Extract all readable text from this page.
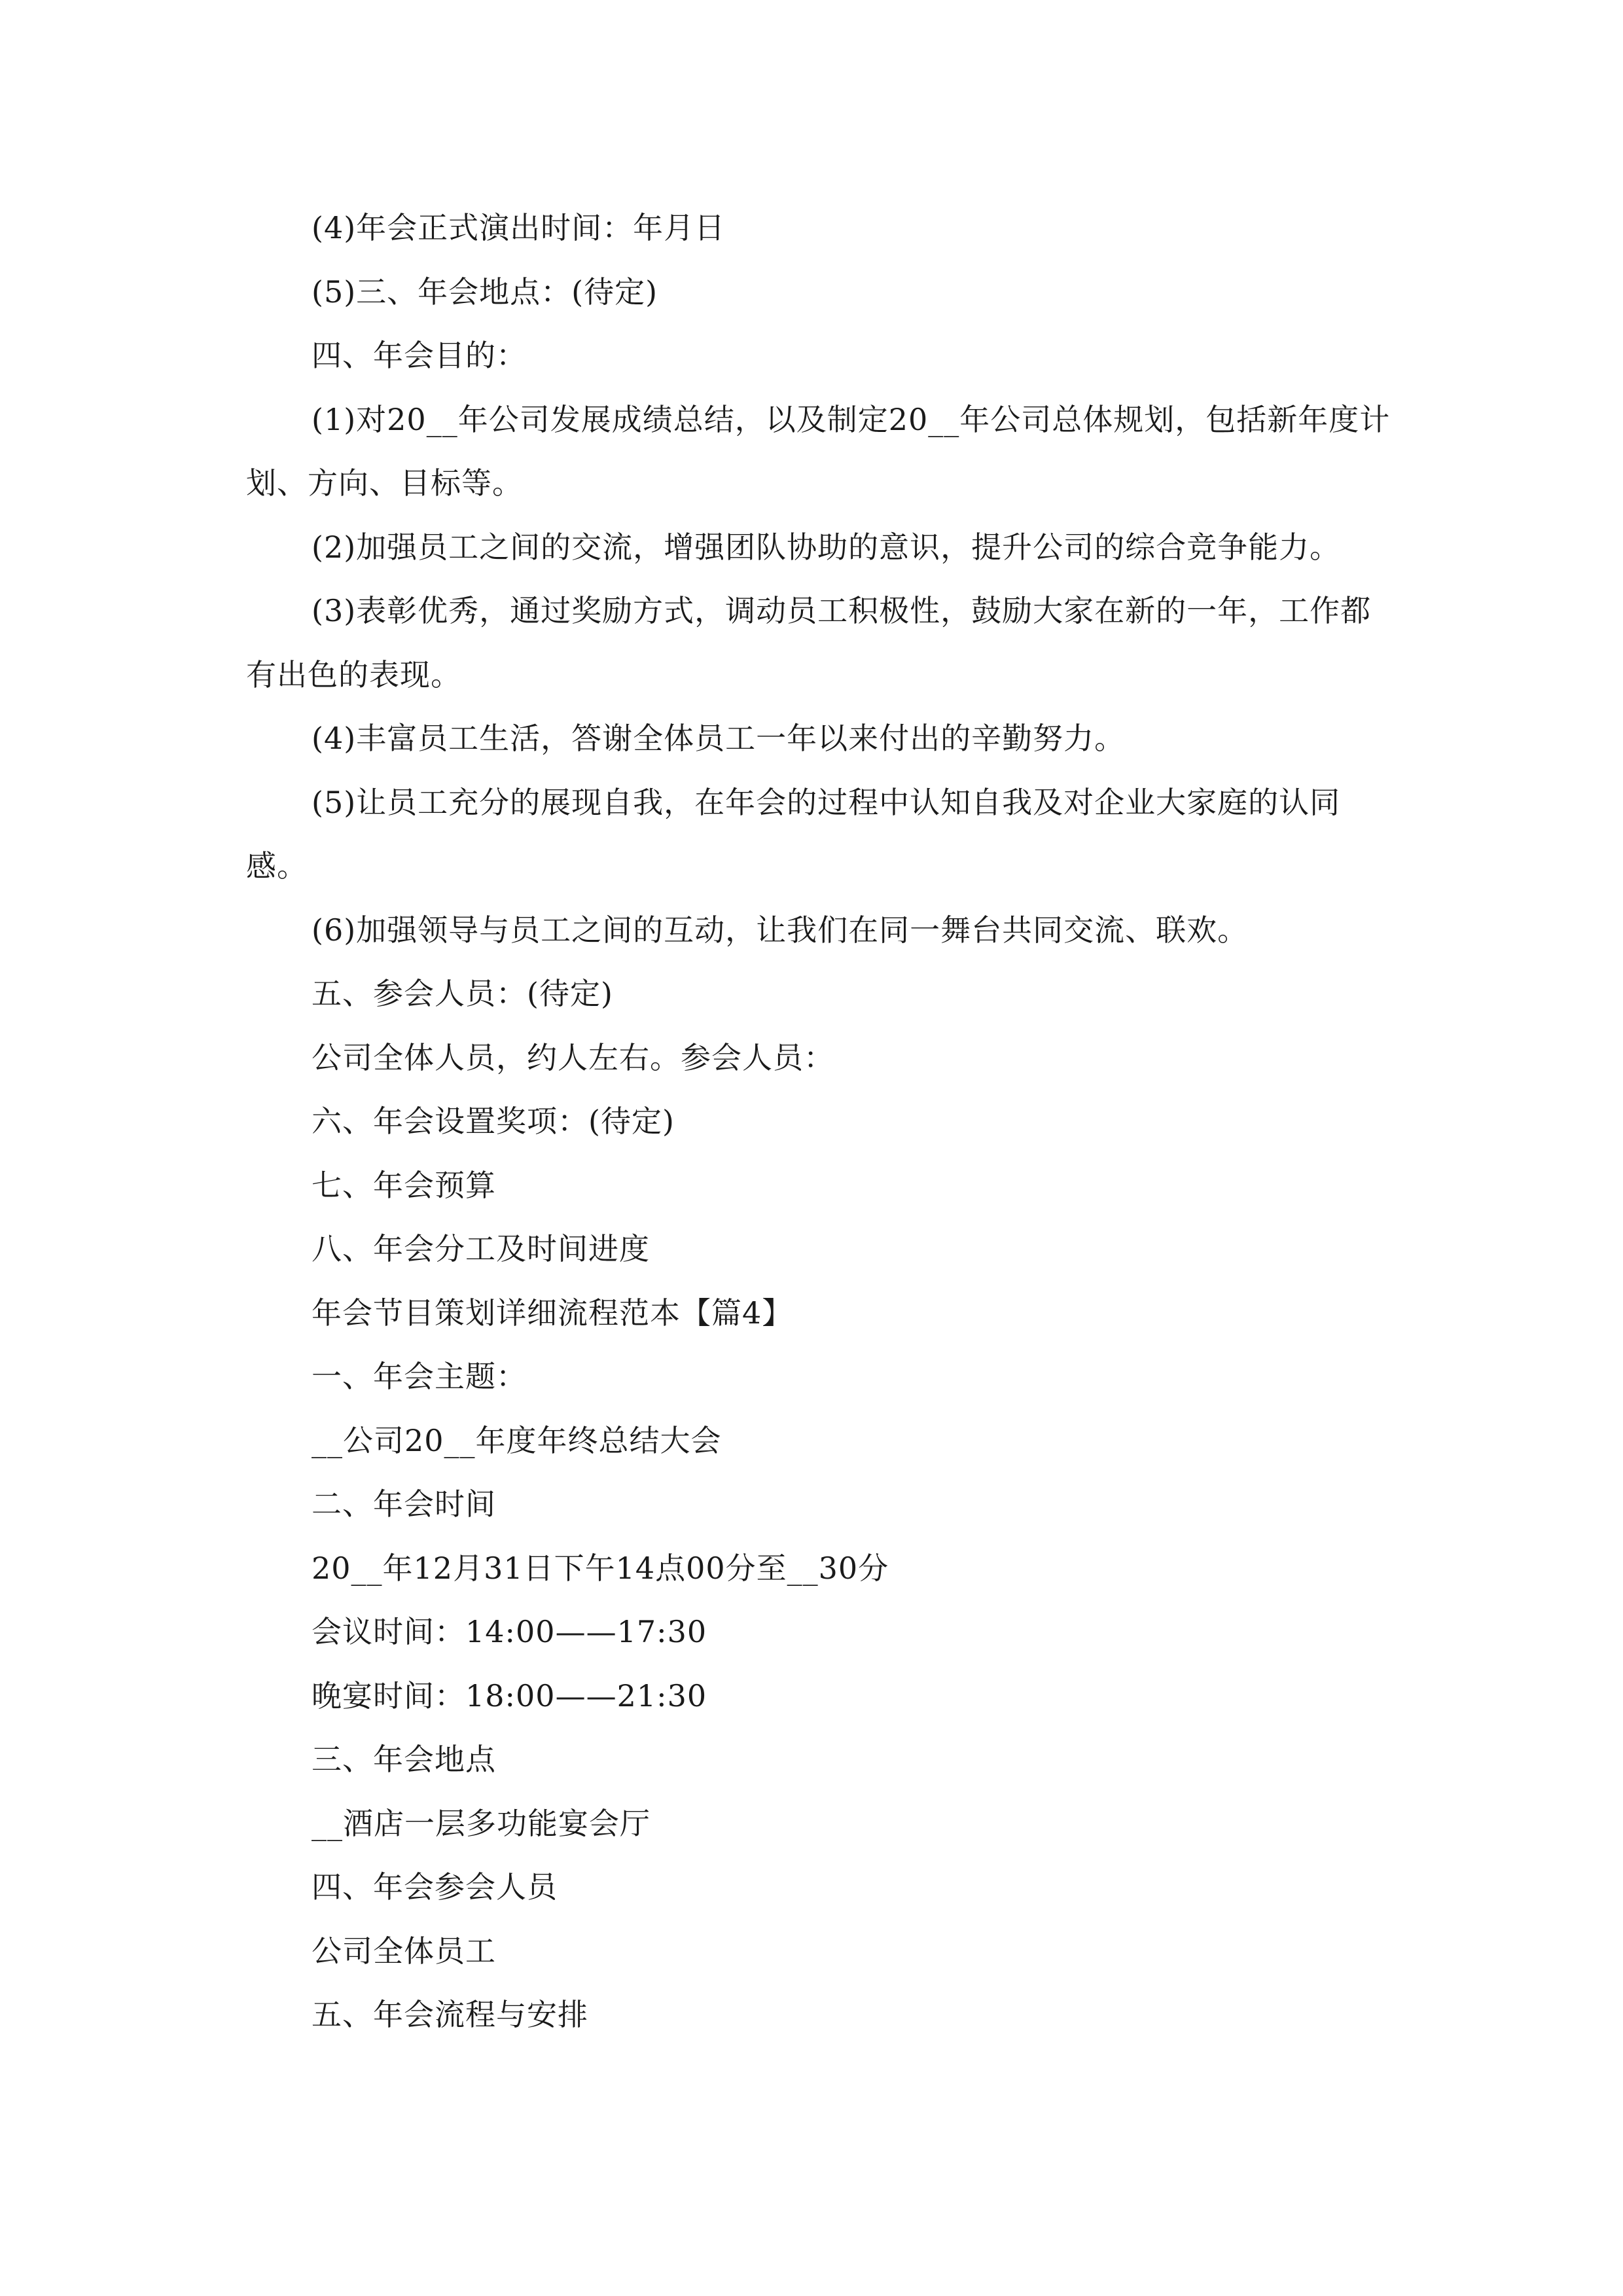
(4)年会正式演出时间：年月日

(5)三、年会地点：(待定)

四、年会目的：

(1)对20__年公司发展成绩总结，以及制定20__年公司总体规划，包括新年度计划、方向、目标等。

(2)加强员工之间的交流，增强团队协助的意识，提升公司的综合竞争能力。

(3)表彰优秀，通过奖励方式，调动员工积极性，鼓励大家在新的一年，工作都有出色的表现。

(4)丰富员工生活，答谢全体员工一年以来付出的辛勤努力。

(5)让员工充分的展现自我，在年会的过程中认知自我及对企业大家庭的认同感。

(6)加强领导与员工之间的互动，让我们在同一舞台共同交流、联欢。

五、参会人员：(待定)

公司全体人员，约人左右。参会人员：

六、年会设置奖项：(待定)

七、年会预算

八、年会分工及时间进度

年会节目策划详细流程范本【篇4】

一、年会主题：

__公司20__年度年终总结大会

二、年会时间

20__年12月31日下午14点00分至__30分

会议时间：14:00——17:30

晚宴时间：18:00——21:30

三、年会地点

__酒店一层多功能宴会厅

四、年会参会人员

公司全体员工

五、年会流程与安排
